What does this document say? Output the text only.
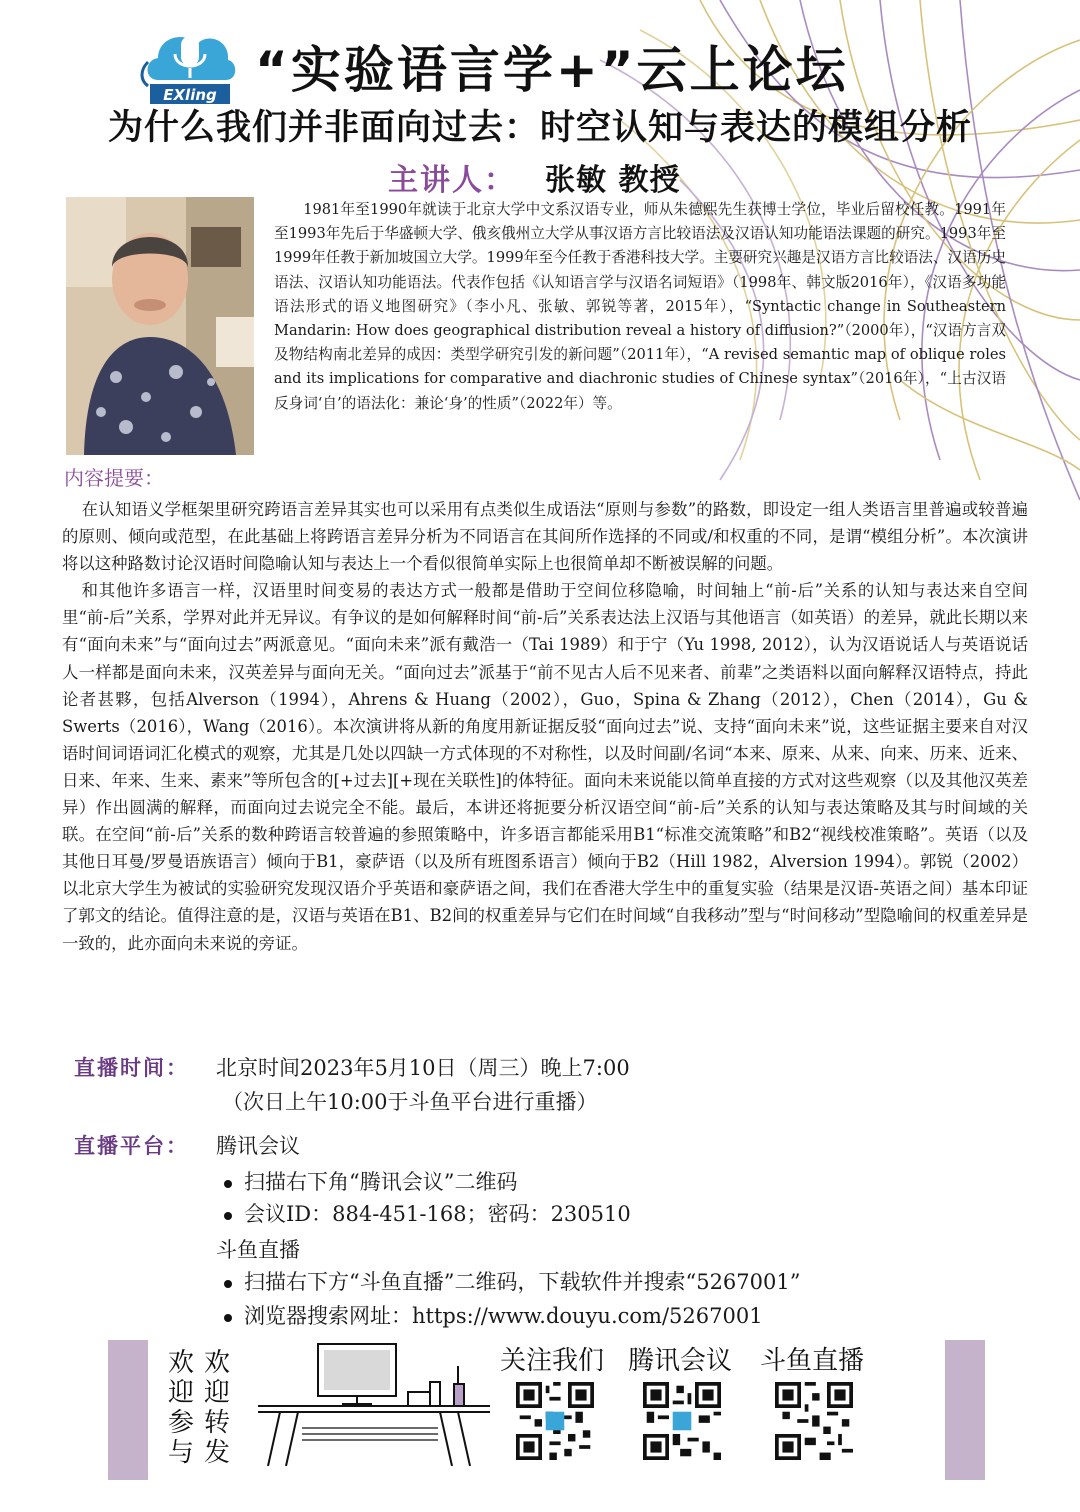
EXling “实验语言学+”云上论坛
为什么我们并非面向过去：时空认知与表达的模组分析
主讲人： 张敏 教授
1981年至1990年就读于北京大学中文系汉语专业，师从朱德熙先生获博士学位，毕业后留校任教。1991年至1993年先后于华盛顿大学、俄亥俄州立大学从事汉语方言比较语法及汉语认知功能语法课题的研究。1993年至1999年任教于新加坡国立大学。1999年至今任教于香港科技大学。主要研究兴趣是汉语方言比较语法、汉语历史语法、汉语认知功能语法。代表作包括《认知语言学与汉语名词短语》（1998年、韩文版2016年），《汉语多功能语法形式的语义地图研究》（李小凡、张敏、郭锐等著，2015年），“Syntactic change in Southeastern Mandarin: How does geographical distribution reveal a history of diffusion?”（2000年），“汉语方言双及物结构南北差异的成因：类型学研究引发的新问题”（2011年），“A revised semantic map of oblique roles and its implications for comparative and diachronic studies of Chinese syntax”（2016年），“上古汉语反身词‘自’的语法化：兼论‘身’的性质”（2022年）等。
内容提要：

在认知语义学框架里研究跨语言差异其实也可以采用有点类似生成语法“原则与参数”的路数，即设定一组人类语言里普遍或较普遍的原则、倾向或范型，在此基础上将跨语言差异分析为不同语言在其间所作选择的不同或/和权重的不同，是谓“模组分析”。本次演讲将以这种路数讨论汉语时间隐喻认知与表达上一个看似很简单实际上也很简单却不断被误解的问题。

和其他许多语言一样，汉语里时间变易的表达方式一般都是借助于空间位移隐喻，时间轴上“前-后”关系的认知与表达来自空间里“前-后”关系，学界对此并无异议。有争议的是如何解释时间“前-后”关系表达法上汉语与其他语言（如英语）的差异，就此长期以来有“面向未来”与“面向过去”两派意见。“面向未来”派有戴浩一（Tai 1989）和于宁（Yu 1998, 2012），认为汉语说话人与英语说话人一样都是面向未来，汉英差异与面向无关。“面向过去”派基于“前不见古人后不见来者、前辈”之类语料以面向解释汉语特点，持此论者甚夥，包括Alverson（1994），Ahrens & Huang（2002），Guo，Spina & Zhang（2012），Chen（2014），Gu & Swerts（2016），Wang（2016）。本次演讲将从新的角度用新证据反驳“面向过去”说、支持“面向未来”说，这些证据主要来自对汉语时间词语词汇化模式的观察，尤其是几处以四缺一方式体现的不对称性，以及时间副/名词“本来、原来、从来、向来、历来、近来、日来、年来、生来、素来”等所包含的[+过去][+现在关联性]的体特征。面向未来说能以简单直接的方式对这些观察（以及其他汉英差异）作出圆满的解释，而面向过去说完全不能。最后，本讲还将扼要分析汉语空间“前-后”关系的认知与表达策略及其与时间域的关联。在空间“前-后”关系的数种跨语言较普遍的参照策略中，许多语言都能采用B1“标准交流策略”和B2“视线校准策略”。英语（以及其他日耳曼/罗曼语族语言）倾向于B1，豪萨语（以及所有班图系语言）倾向于B2（Hill 1982，Alversion 1994）。郭锐（2002）以北京大学生为被试的实验研究发现汉语介乎英语和豪萨语之间，我们在香港大学生中的重复实验（结果是汉语-英语之间）基本印证了郭文的结论。值得注意的是，汉语与英语在B1、B2间的权重差异与它们在时间域“自我移动”型与“时间移动”型隐喻间的权重差异是一致的，此亦面向未来说的旁证。

直播时间： 北京时间2023年5月10日（周三）晚上7:00
（次日上午10:00于斗鱼平台进行重播）
直播平台： 腾讯会议
扫描右下角“腾讯会议”二维码
会议ID：884-451-168；密码：230510
斗鱼直播
扫描右下方“斗鱼直播”二维码，下载软件并搜索“5267001”
浏览器搜索网址：https://www.douyu.com/5267001
欢迎参与
欢迎转发
关注我们 腾讯会议 斗鱼直播
